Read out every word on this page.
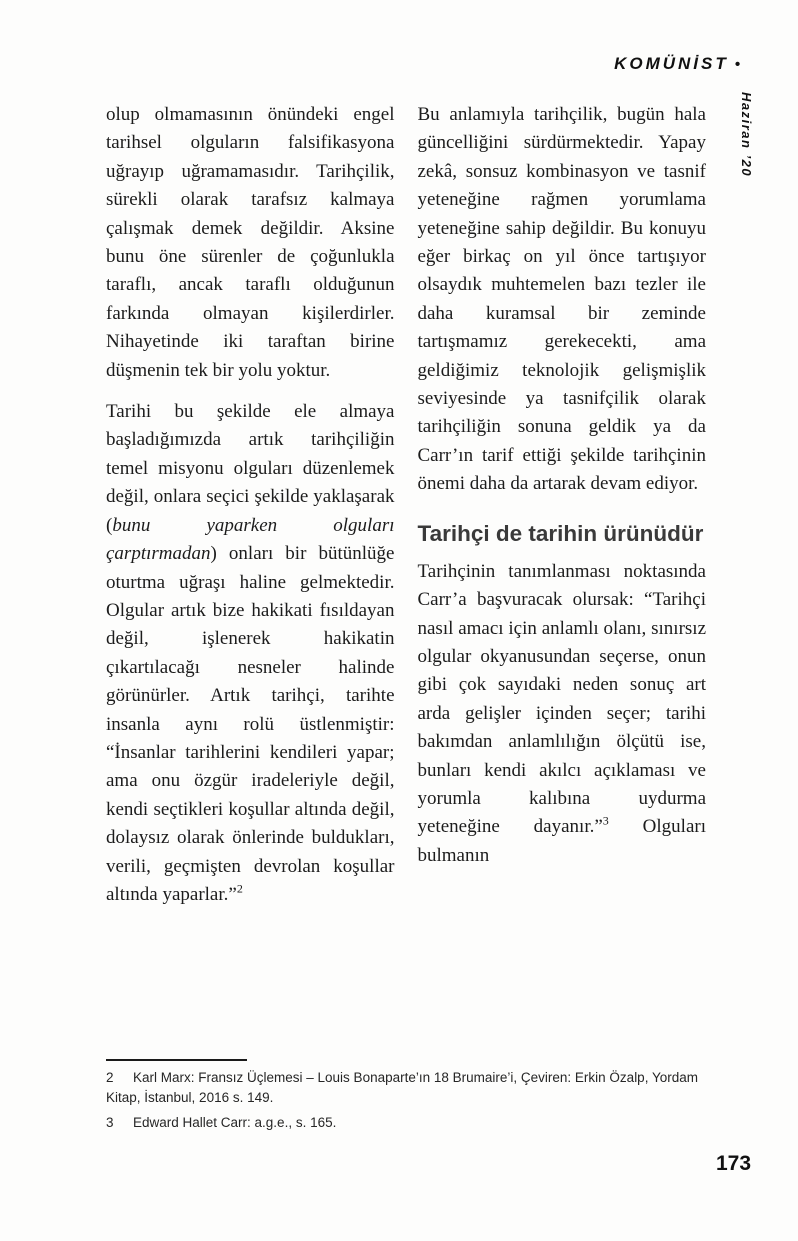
KOMÜNİST •
Haziran ’20

olup olmamasının önündeki engel tarihsel olguların falsifikasyona uğrayıp uğramamasıdır. Tarihçilik, sürekli olarak tarafsız kalmaya çalışmak demek değildir. Aksine bunu öne sürenler de çoğunlukla taraflı, ancak taraflı olduğunun farkında olmayan kişilerdirler. Nihayetinde iki taraftan birine düşmenin tek bir yolu yoktur.

Tarihi bu şekilde ele almaya başladığımızda artık tarihçiliğin temel misyonu olguları düzenlemek değil, onlara seçici şekilde yaklaşarak (bunu yaparken olguları çarptırmadan) onları bir bütünlüğe oturtma uğraşı haline gelmektedir. Olgular artık bize hakikati fısıldayan değil, işlenerek hakikatin çıkartılacağı nesneler halinde görünürler. Artık tarihçi, tarihte insanla aynı rolü üstlenmiştir: “İnsanlar tarihlerini kendileri yapar; ama onu özgür iradeleriyle değil, kendi seçtikleri koşullar altında değil, dolaysız olarak önlerinde buldukları, verili, geçmişten devrolan koşullar altında yaparlar.”$^2$

Bu anlamıyla tarihçilik, bugün hala güncelliğini sürdürmektedir. Yapay zekâ, sonsuz kombinasyon ve tasnif yeteneğine rağmen yorumlama yeteneğine sahip değildir. Bu konuyu eğer birkaç on yıl önce tartışıyor olsaydık muhtemelen bazı tezler ile daha kuramsal bir zeminde tartışmamız gerekecekti, ama geldiğimiz teknolojik gelişmişlik seviyesinde ya tasnifçilik olarak tarihçiliğin sonuna geldik ya da Carr’ın tarif ettiği şekilde tarihçinin önemi daha da artarak devam ediyor.

Tarihçi de tarihin ürünüdür

Tarihçinin tanımlanması noktasında Carr’a başvuracak olursak: “Tarihçi nasıl amacı için anlamlı olanı, sınırsız olgular okyanusundan seçerse, onun gibi çok sayıdaki neden sonuç art arda gelişler içinden seçer; tarihi bakımdan anlamlılığın ölçütü ise, bunları kendi akılcı açıklaması ve yorumla kalıbına uydurma yeteneğine dayanır.”$^3$ Olguları bulmanın

2 Karl Marx: Fransız Üçlemesi – Louis Bonaparte’ın 18 Brumaire’i, Çeviren: Erkin Özalp, Yordam Kitap, İstanbul, 2016 s. 149.

3 Edward Hallet Carr: a.g.e., s. 165.

173
